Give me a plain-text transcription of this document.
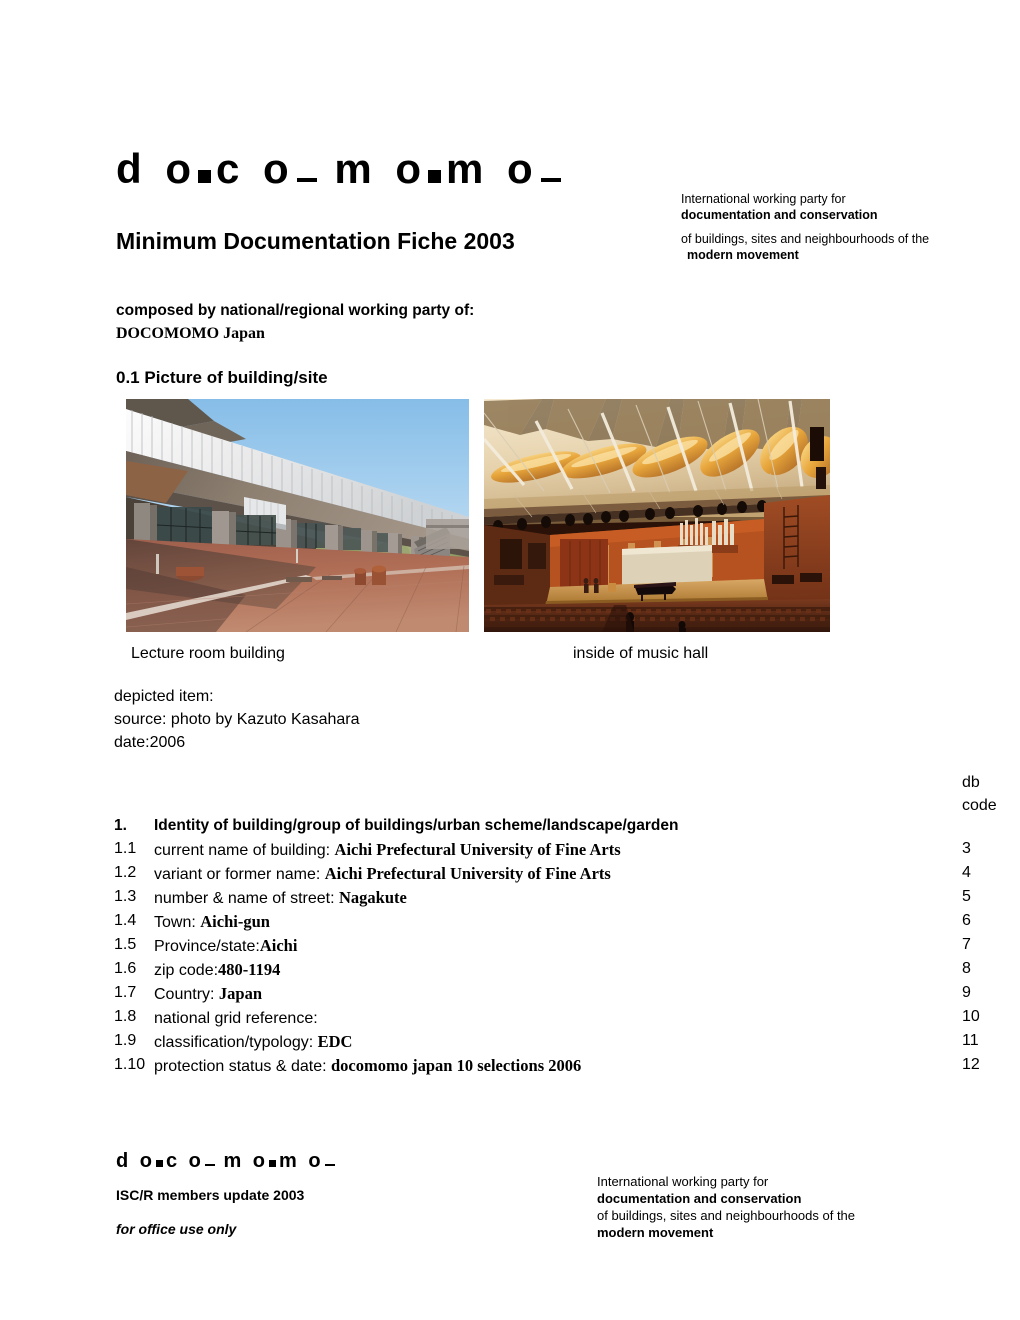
d o c o m o m o
Minimum Documentation Fiche 2003
International working party for
documentation and conservation
of buildings, sites and neighbourhoods of the
modern movement
composed by national/regional working party of:
DOCOMOMO Japan
0.1 Picture of building/site
Lecture room building	inside of music hall
depicted item:
source: photo by Kazuto Kasahara
date:2006
db
code
1. Identity of building/group of buildings/urban scheme/landscape/garden
1.1	current name of building: Aichi Prefectural University of Fine Arts	3
1.2	variant or former name: Aichi Prefectural University of Fine Arts	4
1.3	number & name of street: Nagakute	5
1.4	Town: Aichi-gun	6
1.5	Province/state:Aichi	7
1.6	zip code:480-1194	8
1.7	Country: Japan	9
1.8	national grid reference:	10
1.9	classification/typology: EDC	11
1.10 protection status & date: docomomo japan 10 selections 2006	12
d o c o m o m o
ISC/R members update 2003
for office use only
International working party for
documentation and conservation
of buildings, sites and neighbourhoods of the
modern movement
